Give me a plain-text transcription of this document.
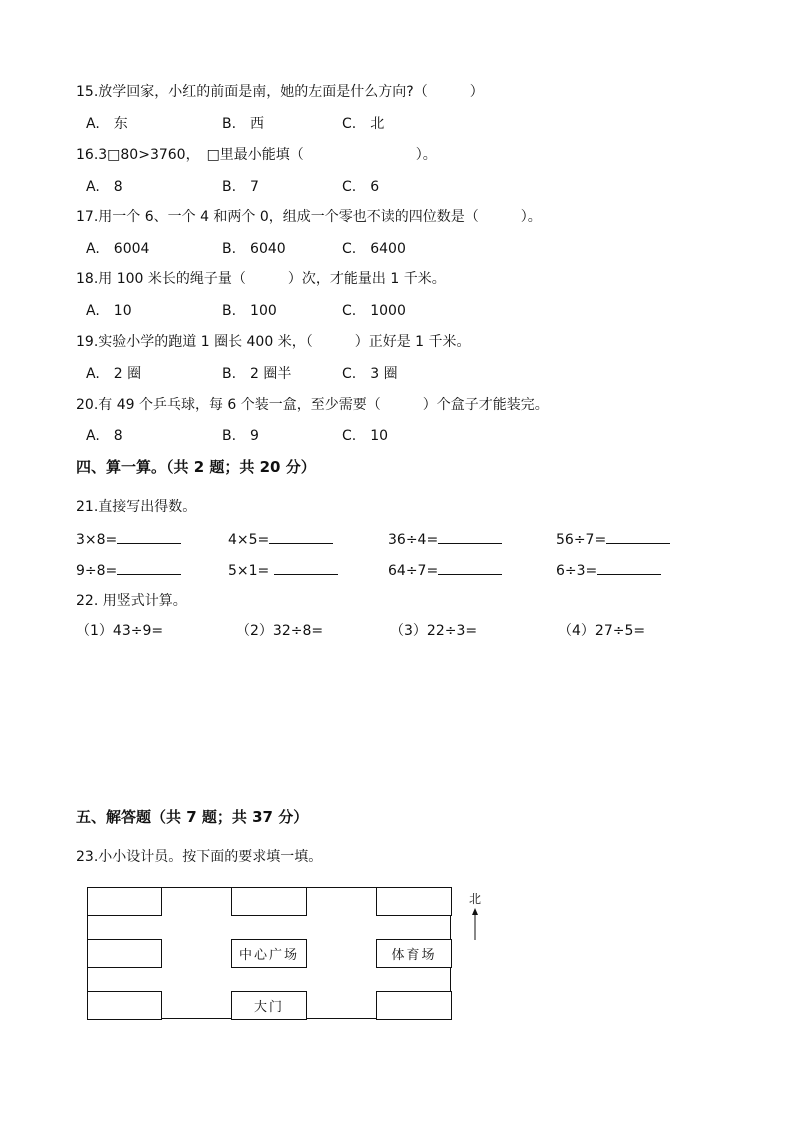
15.放学回家，小红的前面是南，她的左面是什么方向?（　　　）
A.　东	B.　西	C.　北
16.3□80>3760，　□里最小能填（　　　　　　　　）。
A.　8	B.　7	C.　6
17.用一个 6、一个 4 和两个 0，组成一个零也不读的四位数是（　　　）。
A.　6004	B.　6040	C.　6400
18.用 100 米长的绳子量（　　　）次，才能量出 1 千米。
A.　10	B.　100	C.　1000
19.实验小学的跑道 1 圈长 400 米，（　　　）正好是 1 千米。
A.　2 圈	B.　2 圈半	C.　3 圈
20.有 49 个乒乓球，每 6 个装一盒，至少需要（　　　）个盒子才能装完。
A.　8	B.　9	C.　10
四、算一算。（共 2 题；共 20 分）
21.直接写出得数。
3×8=	4×5=	36÷4=	56÷7=
9÷8=	5×1=	64÷7=	6÷3=
22. 用竖式计算。
（1）43÷9=	（2）32÷8=	（3）22÷3=	（4）27÷5=
五、解答题（共 7 题；共 37 分）
23.小小设计员。按下面的要求填一填。
中心广场	体育场
大门
北
